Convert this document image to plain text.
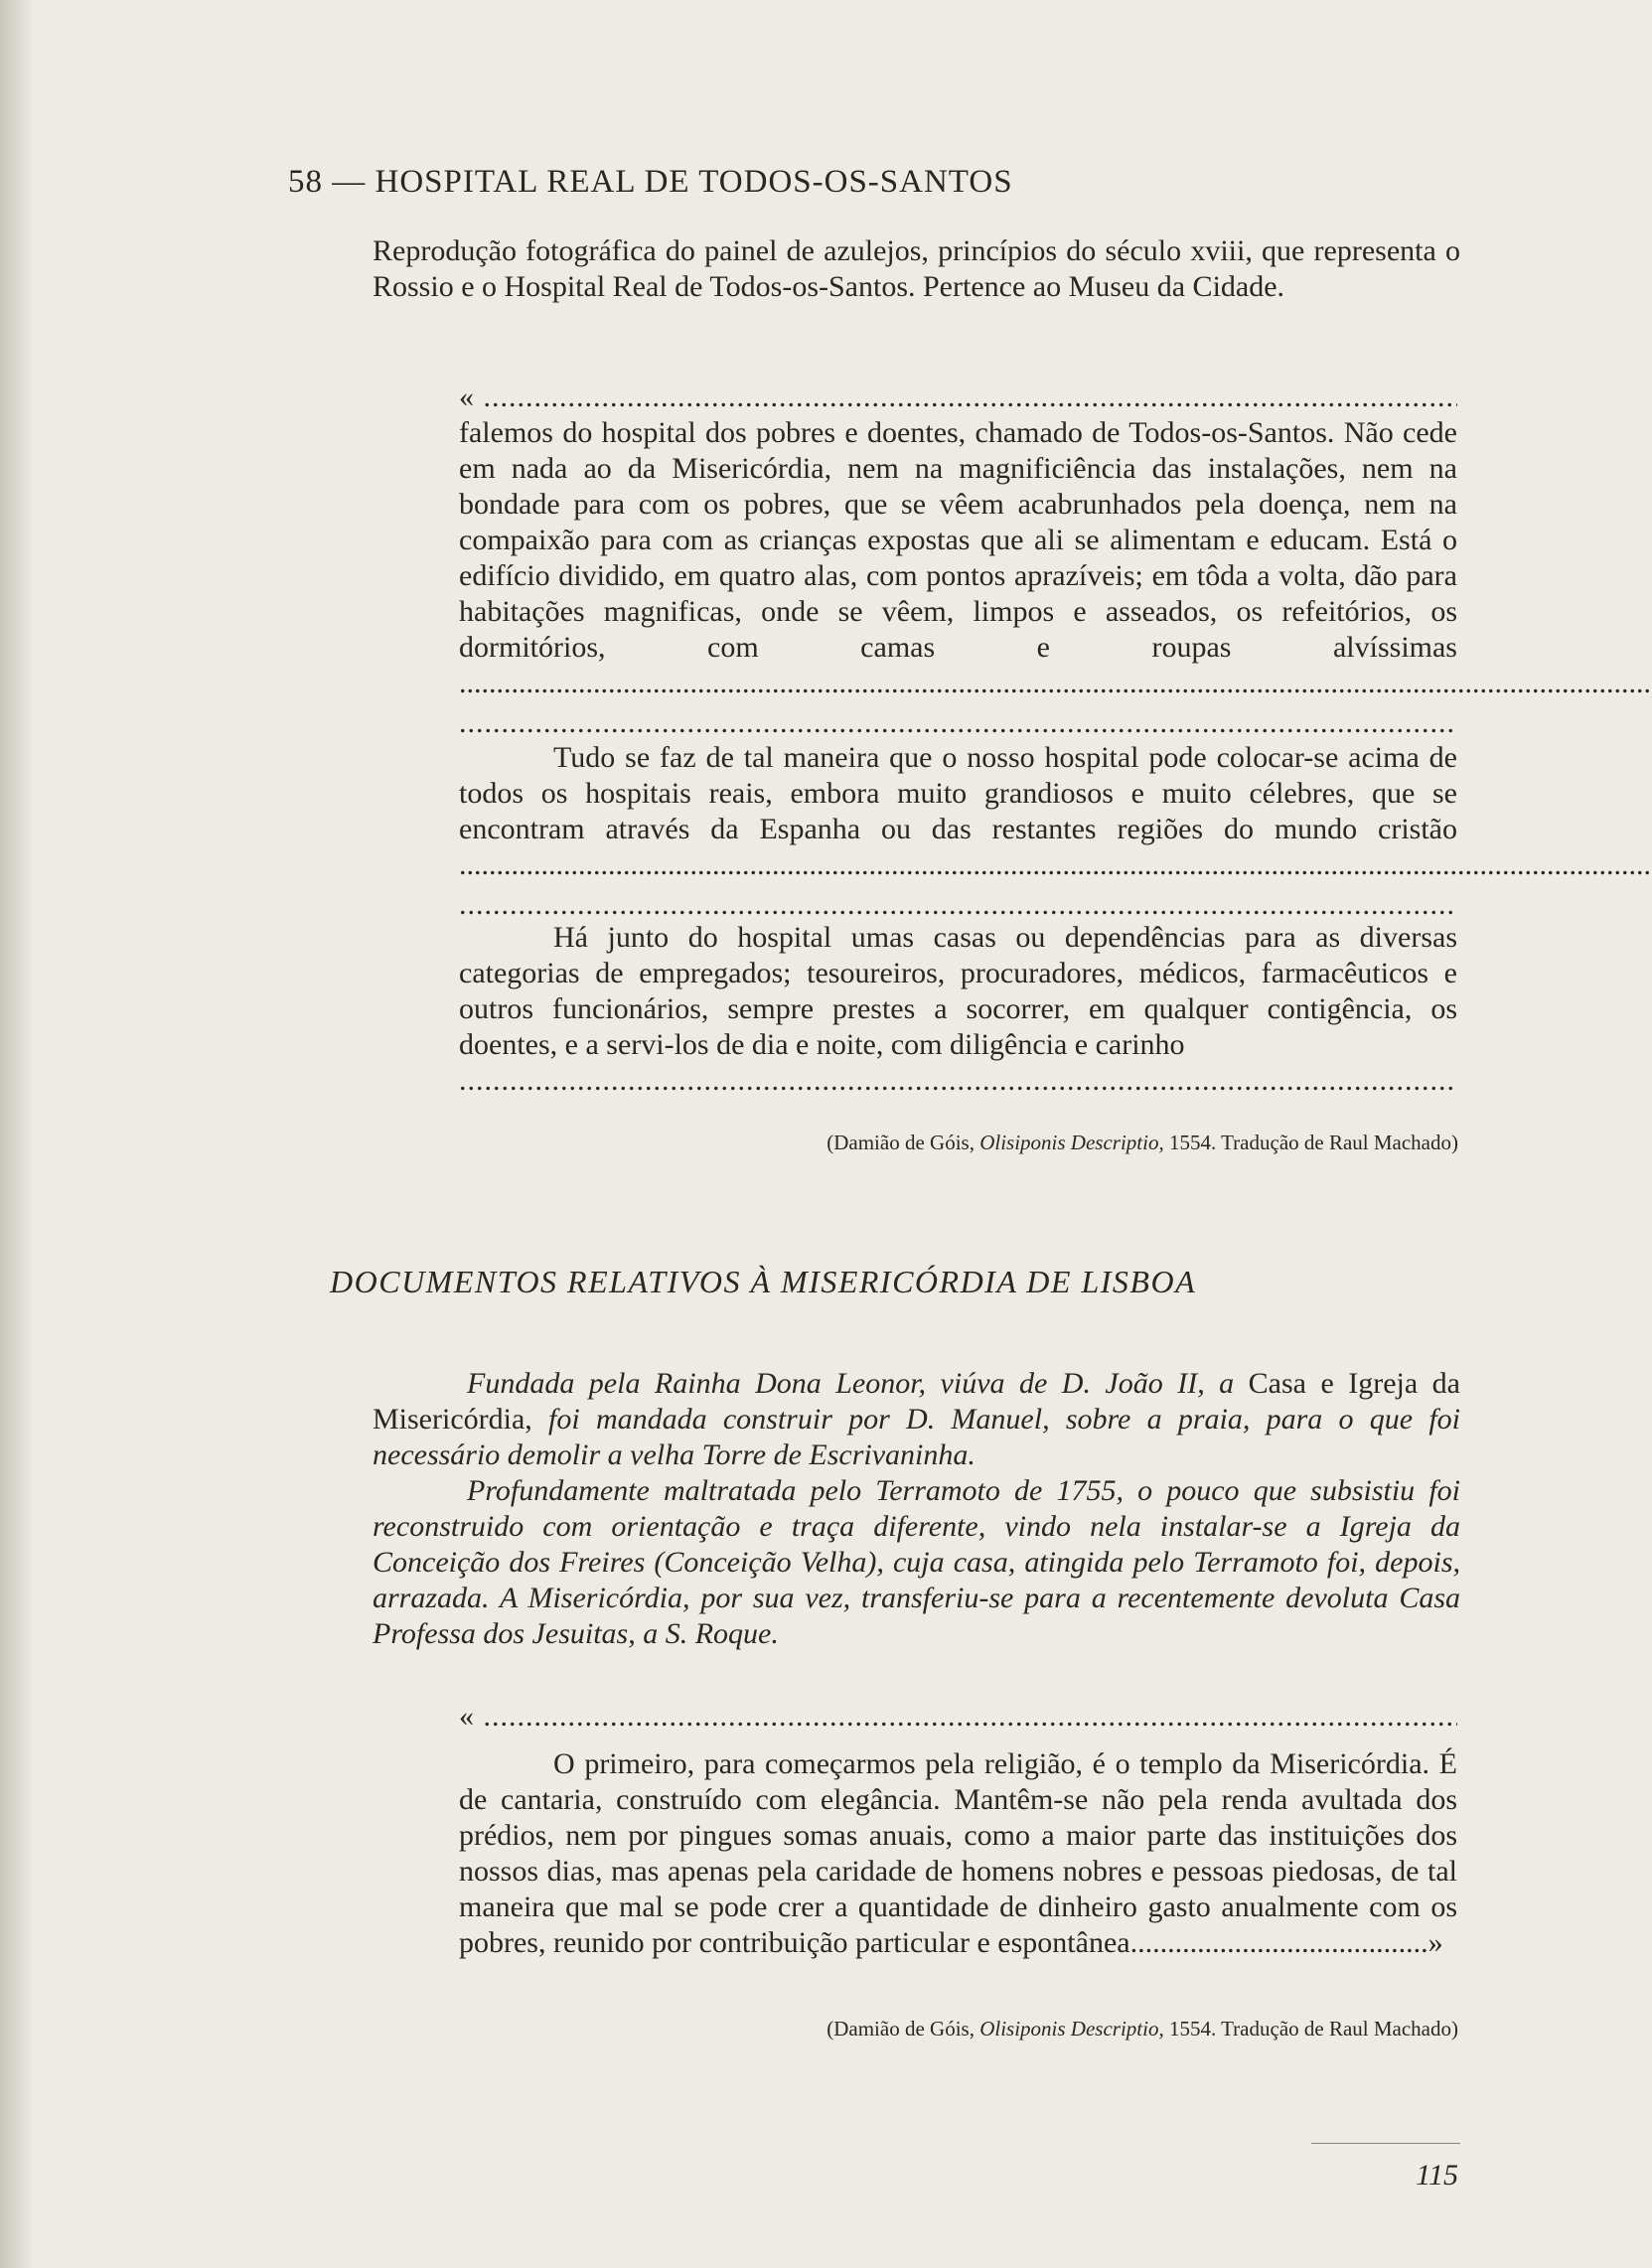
58 — HOSPITAL REAL DE TODOS-OS-SANTOS

Reprodução fotográfica do painel de azulejos, princípios do século xviii, que representa o Rossio e o Hospital Real de Todos-os-Santos. Pertence ao Museu da Cidade.

« .....

falemos do hospital dos pobres e doentes, chamado de Todos-os-Santos. Não cede em nada ao da Misericórdia, nem na magnificiência das instalações, nem na bondade para com os pobres, que se vêem acabrunhados pela doença, nem na compaixão para com as crianças expostas que ali se alimentam e educam. Está o edifício dividido, em quatro alas, com pontos aprazíveis; em tôda a volta, dão para habitações magnificas, onde se vêem, limpos e asseados, os refeitórios, os dormitórios, com camas e roupas alvíssimas .....

.....

Tudo se faz de tal maneira que o nosso hospital pode colocar-se acima de todos os hospitais reais, embora muito grandiosos e muito célebres, que se encontram através da Espanha ou das restantes regiões do mundo cristão .....

.....

Há junto do hospital umas casas ou dependências para as diversas categorias de empregados; tesoureiros, procuradores, médicos, farmacêuticos e outros funcionários, sempre prestes a socorrer, em qualquer contigência, os doentes, e a servi-los de dia e noite, com diligência e carinho

.....
(Damião de Góis, Olisiponis Descriptio, 1554. Tradução de Raul Machado)
DOCUMENTOS RELATIVOS À MISERICÓRDIA DE LISBOA

Fundada pela Rainha Dona Leonor, viúva de D. João II, a Casa e Igreja da Misericórdia, foi mandada construir por D. Manuel, sobre a praia, para o que foi necessário demolir a velha Torre de Escrivaninha.

Profundamente maltratada pelo Terramoto de 1755, o pouco que subsistiu foi reconstruido com orientação e traça diferente, vindo nela instalar-se a Igreja da Conceição dos Freires (Conceição Velha), cuja casa, atingida pelo Terramoto foi, depois, arrazada. A Misericórdia, por sua vez, transferiu-se para a recentemente devoluta Casa Professa dos Jesuitas, a S. Roque.

« .....

O primeiro, para começarmos pela religião, é o templo da Misericórdia. É de cantaria, construído com elegância. Mantêm-se não pela renda avultada dos prédios, nem por pingues somas anuais, como a maior parte das instituições dos nossos dias, mas apenas pela caridade de homens nobres e pessoas piedosas, de tal maneira que mal se pode crer a quantidade de dinheiro gasto anualmente com os pobres, reunido por contribuição particular e espontânea........................................»

(Damião de Góis, Olisiponis Descriptio, 1554. Tradução de Raul Machado)
115
